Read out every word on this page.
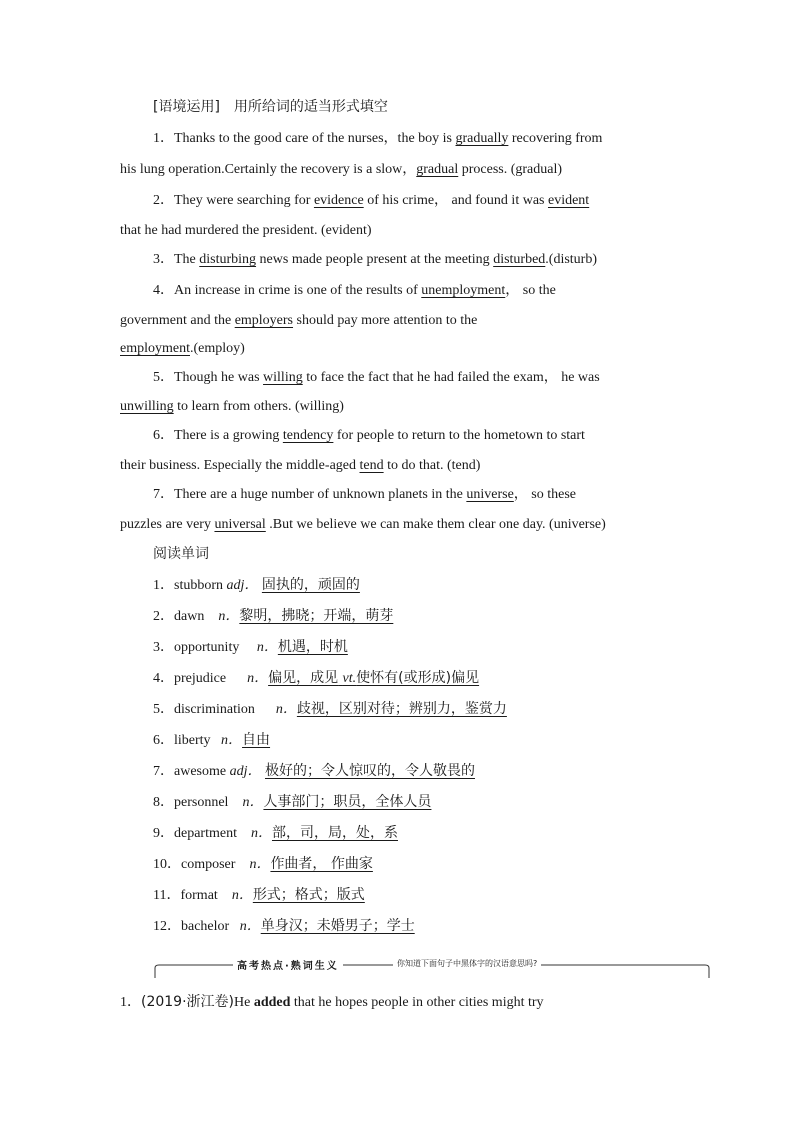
[语境运用]　用所给词的适当形式填空
1．Thanks to the good care of the nurses，the boy is gradually recovering from
his lung operation.Certainly the recovery is a slow，gradual process. (gradual)
2．They were searching for evidence of his crime， and found it was evident
that he had murdered the president. (evident)
3．The disturbing news made people present at the meeting disturbed.(disturb)
4．An increase in crime is one of the results of unemployment， so the
government and the employers should pay more attention to the
employment.(employ)
5．Though he was willing to face the fact that he had failed the exam， he was
unwilling to learn from others. (willing)
6．There is a growing tendency for people to return to the hometown to start
their business. Especially the middle-aged tend to do that. (tend)
7．There are a huge number of unknown planets in the universe， so these
puzzles are very universal .But we believe we can make them clear one day. (universe)
阅读单词
1．stubborn adj． 固执的，顽固的
2．dawn n．黎明，拂晓；开端，萌芽
3．opportunity n．机遇，时机
4．prejudice n．偏见，成见 vt.使怀有(或形成)偏见
5．discrimination n．歧视，区别对待；辨别力，鉴赏力
6．liberty n．自由
7．awesome adj． 极好的；令人惊叹的，令人敬畏的
8．personnel n．人事部门；职员，全体人员
9．department n．部，司，局，处，系
10．composer n．作曲者， 作曲家
11．format n．形式；格式；版式
12．bachelor n．单身汉；未婚男子；学士
高考热点·熟词生义	你知道下面句子中黑体字的汉语意思吗?
1．(2019·浙江卷)He added that he hopes people in other cities might try
